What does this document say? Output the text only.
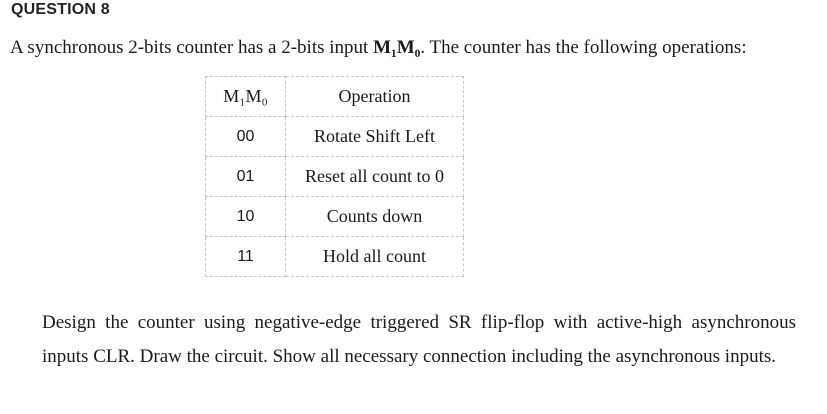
QUESTION 8
A synchronous 2-bits counter has a 2-bits input M₁M₀. The counter has the following operations:
M₁M₀	Operation
00	Rotate Shift Left
01	Reset all count to 0
10	Counts down
11	Hold all count
Design the counter using negative-edge triggered SR flip-flop with active-high asynchronous inputs CLR. Draw the circuit. Show all necessary connection including the asynchronous inputs.
